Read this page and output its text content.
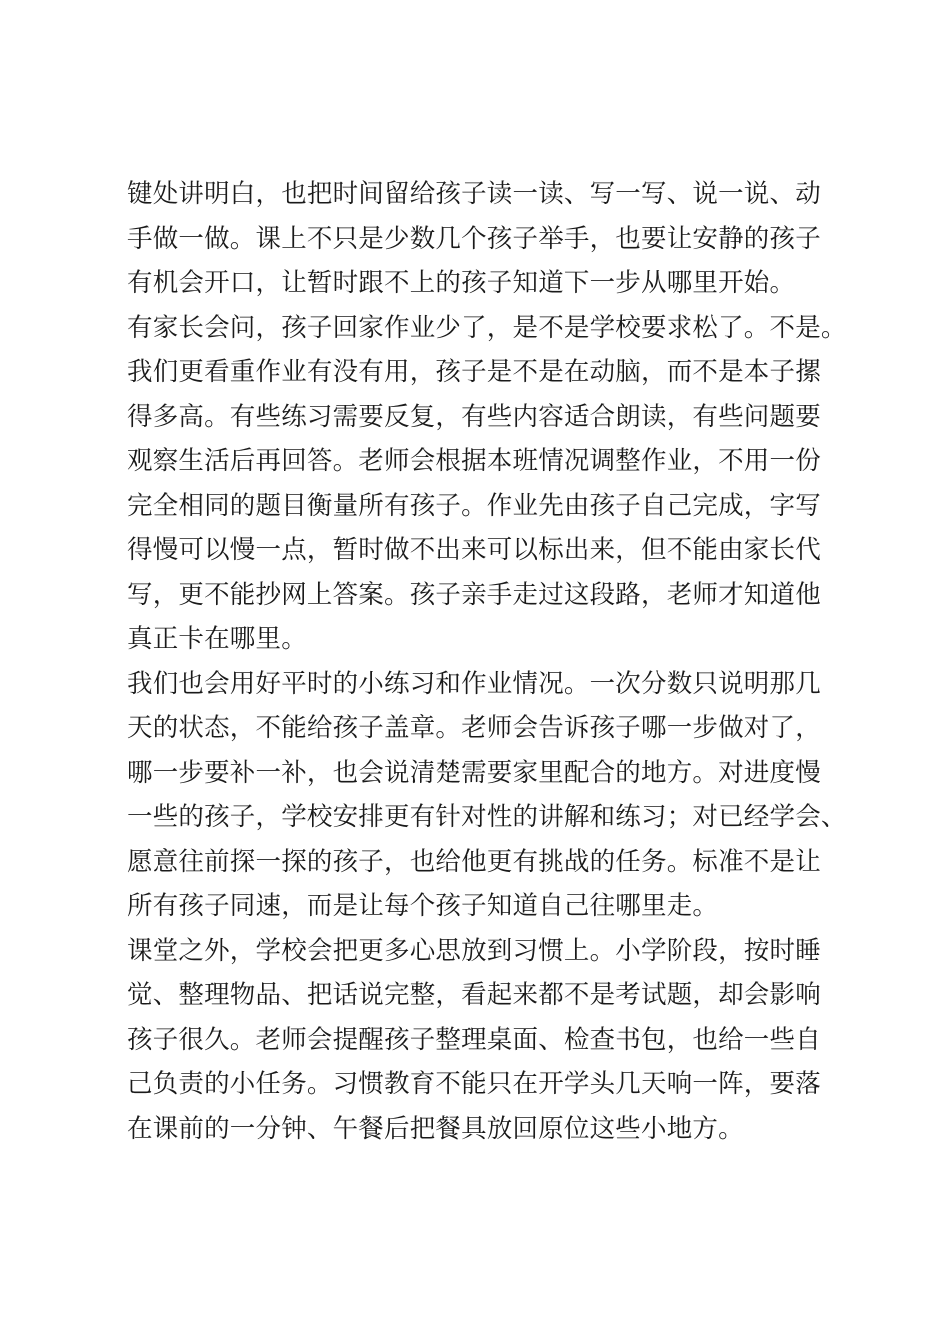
键处讲明白，也把时间留给孩子读一读、写一写、说一说、动
手做一做。课上不只是少数几个孩子举手，也要让安静的孩子
有机会开口，让暂时跟不上的孩子知道下一步从哪里开始。

有家长会问，孩子回家作业少了，是不是学校要求松了。不是。
我们更看重作业有没有用，孩子是不是在动脑，而不是本子摞
得多高。有些练习需要反复，有些内容适合朗读，有些问题要
观察生活后再回答。老师会根据本班情况调整作业，不用一份
完全相同的题目衡量所有孩子。作业先由孩子自己完成，字写
得慢可以慢一点，暂时做不出来可以标出来，但不能由家长代
写，更不能抄网上答案。孩子亲手走过这段路，老师才知道他
真正卡在哪里。

我们也会用好平时的小练习和作业情况。一次分数只说明那几
天的状态，不能给孩子盖章。老师会告诉孩子哪一步做对了，
哪一步要补一补，也会说清楚需要家里配合的地方。对进度慢
一些的孩子，学校安排更有针对性的讲解和练习；对已经学会、
愿意往前探一探的孩子，也给他更有挑战的任务。标准不是让
所有孩子同速，而是让每个孩子知道自己往哪里走。

课堂之外，学校会把更多心思放到习惯上。小学阶段，按时睡
觉、整理物品、把话说完整，看起来都不是考试题，却会影响
孩子很久。老师会提醒孩子整理桌面、检查书包，也给一些自
己负责的小任务。习惯教育不能只在开学头几天响一阵，要落
在课前的一分钟、午餐后把餐具放回原位这些小地方。
